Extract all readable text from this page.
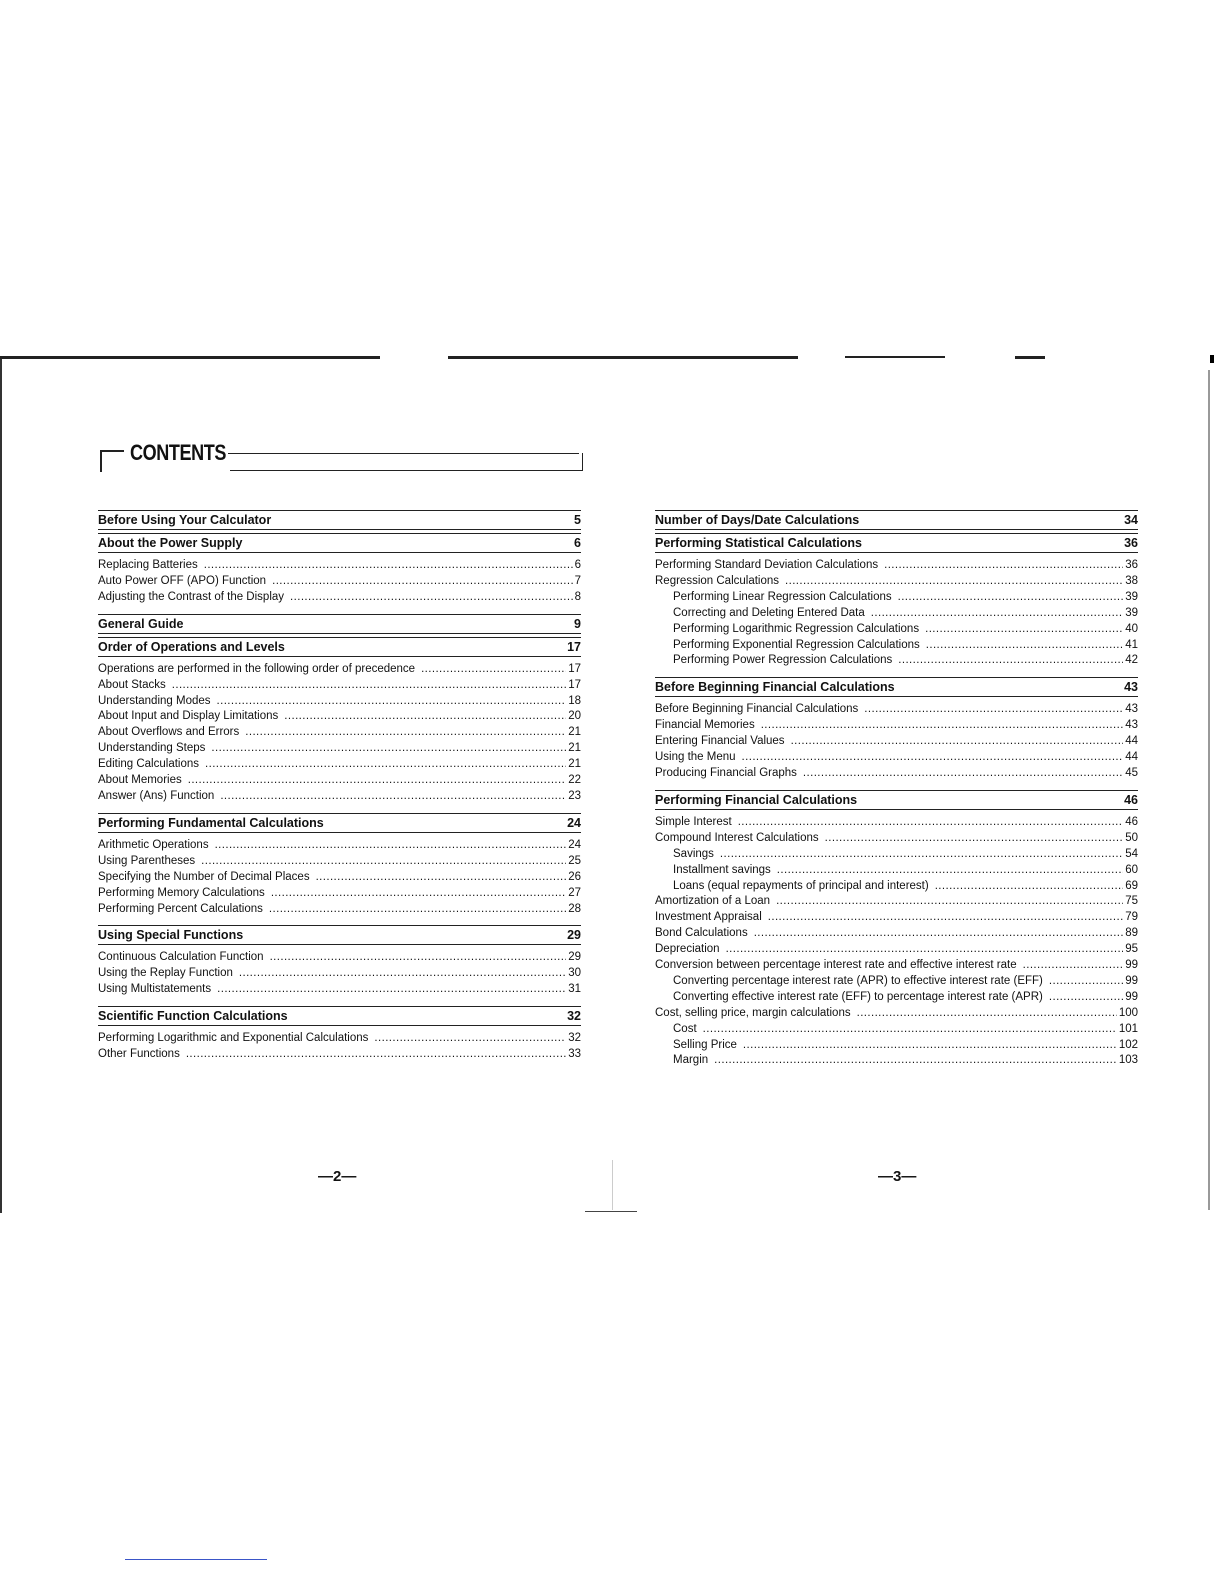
CONTENTS
Before Using Your Calculator	5
About the Power Supply	6
Replacing Batteries .....	6
Auto Power OFF (APO) Function .....	7
Adjusting the Contrast of the Display .....	8
General Guide	9
Order of Operations and Levels	17
Operations are performed in the following order of precedence .....	17
About Stacks .....	17
Understanding Modes .....	18
About Input and Display Limitations .....	20
About Overflows and Errors .....	21
Understanding Steps .....	21
Editing Calculations .....	21
About Memories .....	22
Answer (Ans) Function .....	23
Performing Fundamental Calculations	24
Arithmetic Operations .....	24
Using Parentheses .....	25
Specifying the Number of Decimal Places .....	26
Performing Memory Calculations .....	27
Performing Percent Calculations .....	28
Using Special Functions	29
Continuous Calculation Function .....	29
Using the Replay Function .....	30
Using Multistatements .....	31
Scientific Function Calculations	32
Performing Logarithmic and Exponential Calculations .....	32
Other Functions .....	33
Number of Days/Date Calculations	34
Performing Statistical Calculations	36
Performing Standard Deviation Calculations .....	36
Regression Calculations .....	38
Performing Linear Regression Calculations .....	39
Correcting and Deleting Entered Data .....	39
Performing Logarithmic Regression Calculations .....	40
Performing Exponential Regression Calculations .....	41
Performing Power Regression Calculations .....	42
Before Beginning Financial Calculations	43
Before Beginning Financial Calculations .....	43
Financial Memories .....	43
Entering Financial Values .....	44
Using the Menu .....	44
Producing Financial Graphs .....	45
Performing Financial Calculations	46
Simple Interest .....	46
Compound Interest Calculations .....	50
Savings .....	54
Installment savings .....	60
Loans (equal repayments of principal and interest) .....	69
Amortization of a Loan .....	75
Investment Appraisal .....	79
Bond Calculations .....	89
Depreciation .....	95
Conversion between percentage interest rate and effective interest rate .....	99
Converting percentage interest rate (APR) to effective interest rate (EFF) .....	99
Converting effective interest rate (EFF) to percentage interest rate (APR) .....	99
Cost, selling price, margin calculations .....	100
Cost .....	101
Selling Price .....	102
Margin .....	103
—2—	—3—
